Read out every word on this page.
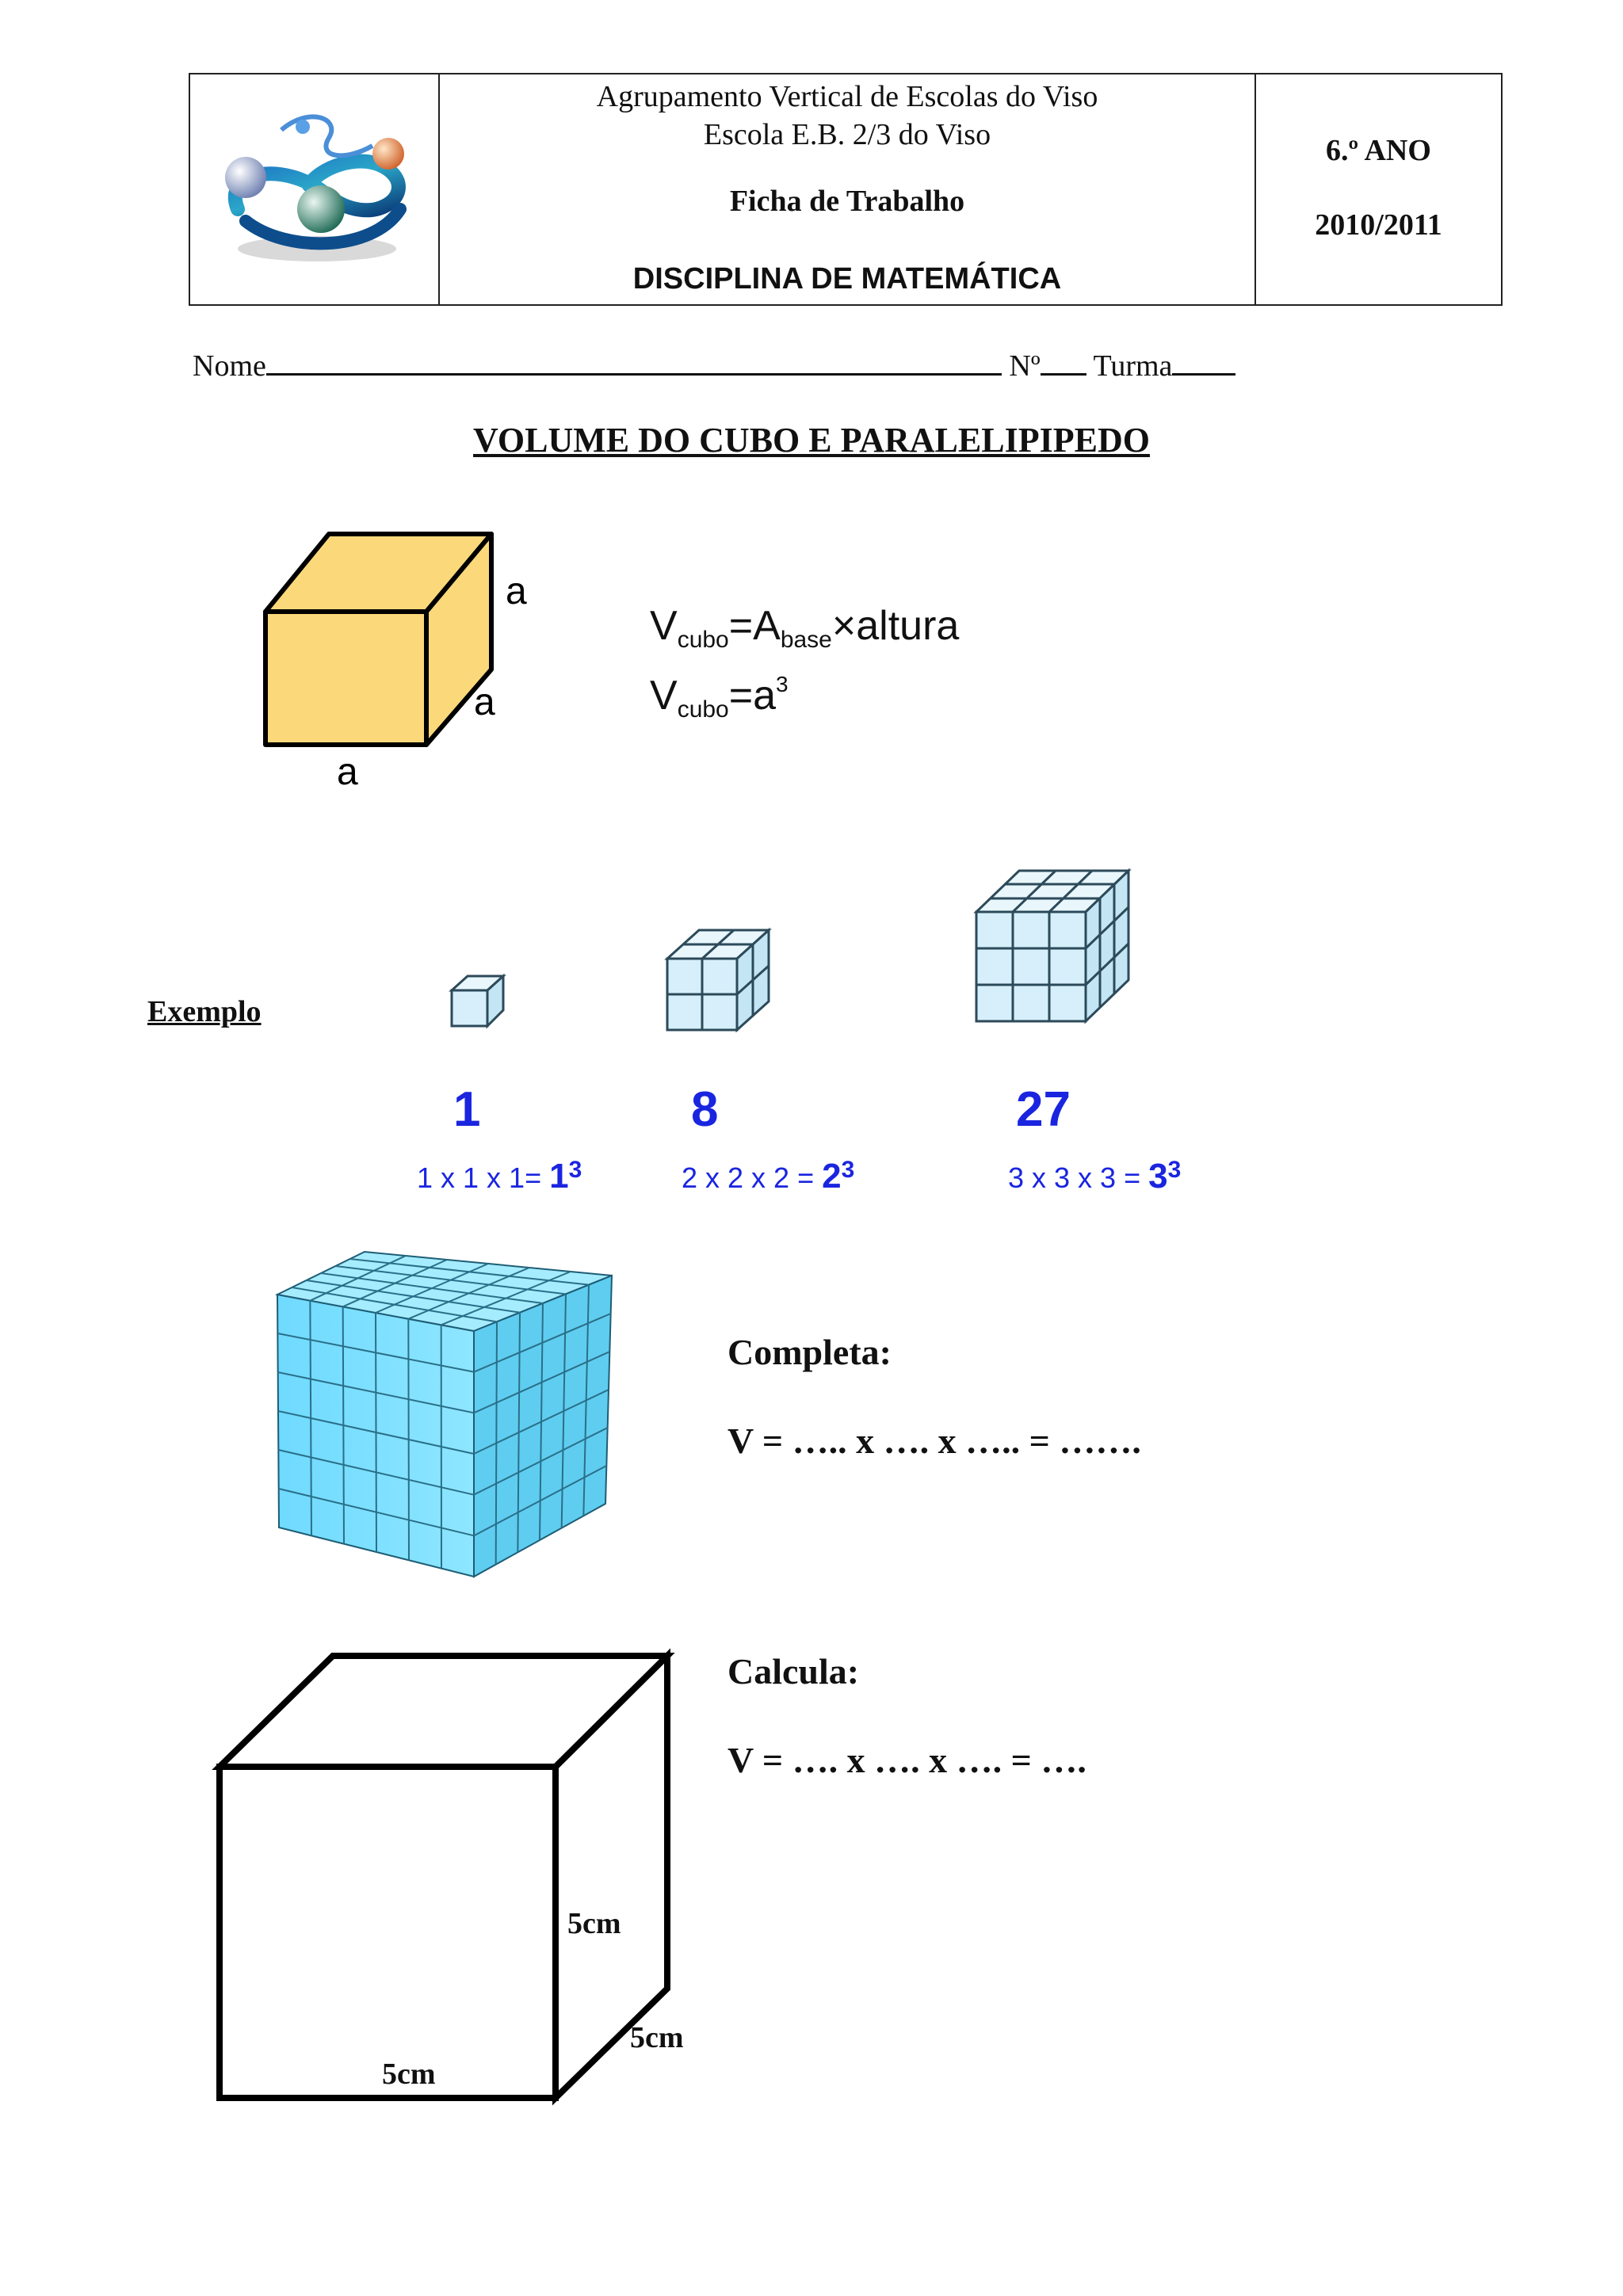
Agrupamento Vertical de Escolas do Viso
Escola E.B. 2/3 do Viso
Ficha de Trabalho
DISCIPLINA DE MATEMÁTICA
6.º ANO
2010/2011
Nome	Nº Turma
VOLUME DO CUBO E PARALELIPIPEDO
a
a
a
$V_{cubo}=A_{base}\times altura$
$V_{cubo}=a^3$
Exemplo
1	8	27
1 x 1 x $1= 1^3$	2 x 2 x $2 = 2^3$	3 x 3 x $3 = 3^3$
Completa:
V = ….. x …. x ….. = …….
5cm
5cm
5cm
Calcula:
V = …. x …. x …. = ….
